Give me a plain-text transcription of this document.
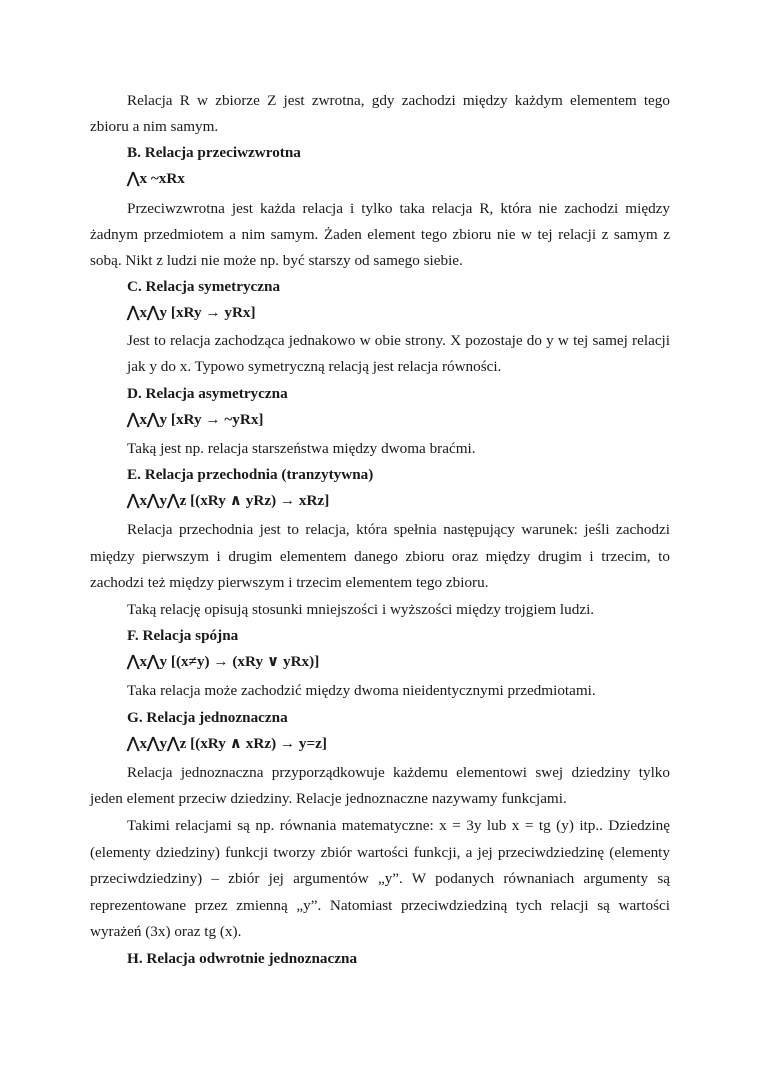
Relacja R w zbiorze Z jest zwrotna, gdy zachodzi między każdym elementem tego

zbioru a nim samym.

B. Relacja przeciwzwrotna

⋀x ~xRx

Przeciwzwrotna jest każda relacja i tylko taka relacja R, która nie zachodzi między

żadnym przedmiotem a nim samym. Żaden element tego zbioru nie w tej relacji z samym z

sobą. Nikt z ludzi nie może np. być starszy od samego siebie.

C. Relacja symetryczna

⋀x⋀y [xRy → yRx]

Jest to relacja zachodząca jednakowo w obie strony. X pozostaje do y w tej samej relacji

jak y do x. Typowo symetryczną relacją jest relacja równości.

D. Relacja asymetryczna

⋀x⋀y [xRy → ~yRx]

Taką jest np. relacja starszeństwa między dwoma braćmi.

E. Relacja przechodnia (tranzytywna)

⋀x⋀y⋀z [(xRy ∧ yRz) → xRz]

Relacja przechodnia jest to relacja, która spełnia następujący warunek: jeśli zachodzi

między pierwszym i drugim elementem danego zbioru oraz między drugim i trzecim, to

zachodzi też między pierwszym i trzecim elementem tego zbioru.

Taką relację opisują stosunki mniejszości i wyższości między trojgiem ludzi.

F. Relacja spójna

⋀x⋀y [(x≠y) → (xRy ∨ yRx)]

Taka relacja może zachodzić między dwoma nieidentycznymi przedmiotami.

G. Relacja jednoznaczna

⋀x⋀y⋀z [(xRy ∧ xRz) → y=z]

Relacja jednoznaczna przyporządkowuje każdemu elementowi swej dziedziny tylko

jeden element przeciw dziedziny. Relacje jednoznaczne nazywamy funkcjami.

Takimi relacjami są np. równania matematyczne: x = 3y lub x = tg (y) itp.. Dziedzinę

(elementy dziedziny) funkcji tworzy zbiór wartości funkcji, a jej przeciwdziedzinę (elementy

przeciwdziedziny) – zbiór jej argumentów „y”. W podanych równaniach argumenty są

reprezentowane przez zmienną „y”. Natomiast przeciwdziedziną tych relacji są wartości

wyrażeń (3x) oraz tg (x).

H. Relacja odwrotnie jednoznaczna
